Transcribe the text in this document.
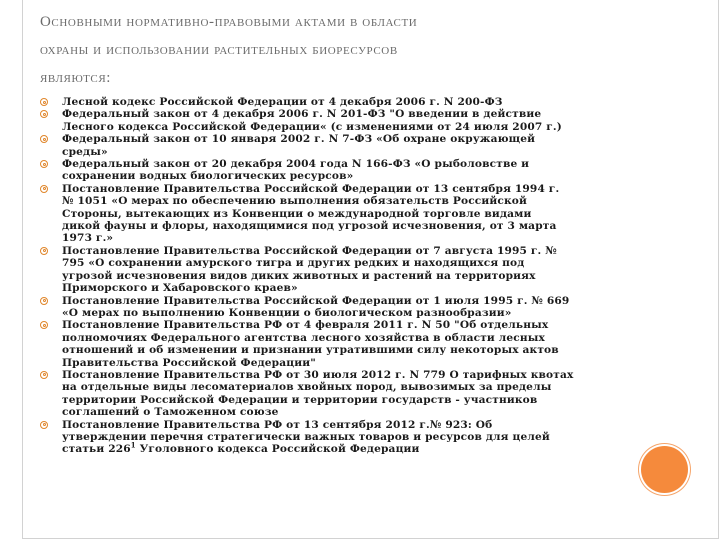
Основными нормативно-правовыми актами в области
охраны и использовании растительных биоресурсов
являются:
Лесной кодекс Российской Федерации от 4 декабря 2006 г. N 200-ФЗ
Федеральный закон от 4 декабря 2006 г. N 201-ФЗ "О введении в действие
Лесного кодекса Российской Федерации« (с изменениями от 24 июля 2007 г.)
Федеральный закон от 10 января 2002 г. N 7-ФЗ «Об охране окружающей
среды»
Федеральный закон от 20 декабря 2004 года N 166-ФЗ «О рыболовстве и
сохранении водных биологических ресурсов»
Постановление Правительства Российской Федерации от 13 сентября 1994 г.
№ 1051 «О мерах по обеспечению выполнения обязательств Российской
Стороны, вытекающих из Конвенции о международной торговле видами
дикой фауны и флоры, находящимися под угрозой исчезновения, от 3 марта
1973 г.»
Постановление Правительства Российской Федерации от 7 августа 1995 г. №
795 «О сохранении амурского тигра и других редких и находящихся под
угрозой исчезновения видов диких животных и растений на территориях
Приморского и Хабаровского краев»
Постановление Правительства Российской Федерации от 1 июля 1995 г. № 669
«О мерах по выполнению Конвенции о биологическом разнообразии»
Постановление Правительства РФ от 4 февраля 2011 г. N 50 "Об отдельных
полномочиях Федерального агентства лесного хозяйства в области лесных
отношений и об изменении и признании утратившими силу некоторых актов
Правительства Российской Федерации"
Постановление Правительства РФ от 30 июля 2012 г. N 779 О тарифных квотах
на отдельные виды лесоматериалов хвойных пород, вывозимых за пределы
территории Российской Федерации и территории государств - участников
соглашений о Таможенном союзе
Постановление Правительства РФ от 13 сентября 2012 г.№ 923: Об
утверждении перечня стратегически важных товаров и ресурсов для целей
статьи $226^1$ Уголовного кодекса Российской Федерации
